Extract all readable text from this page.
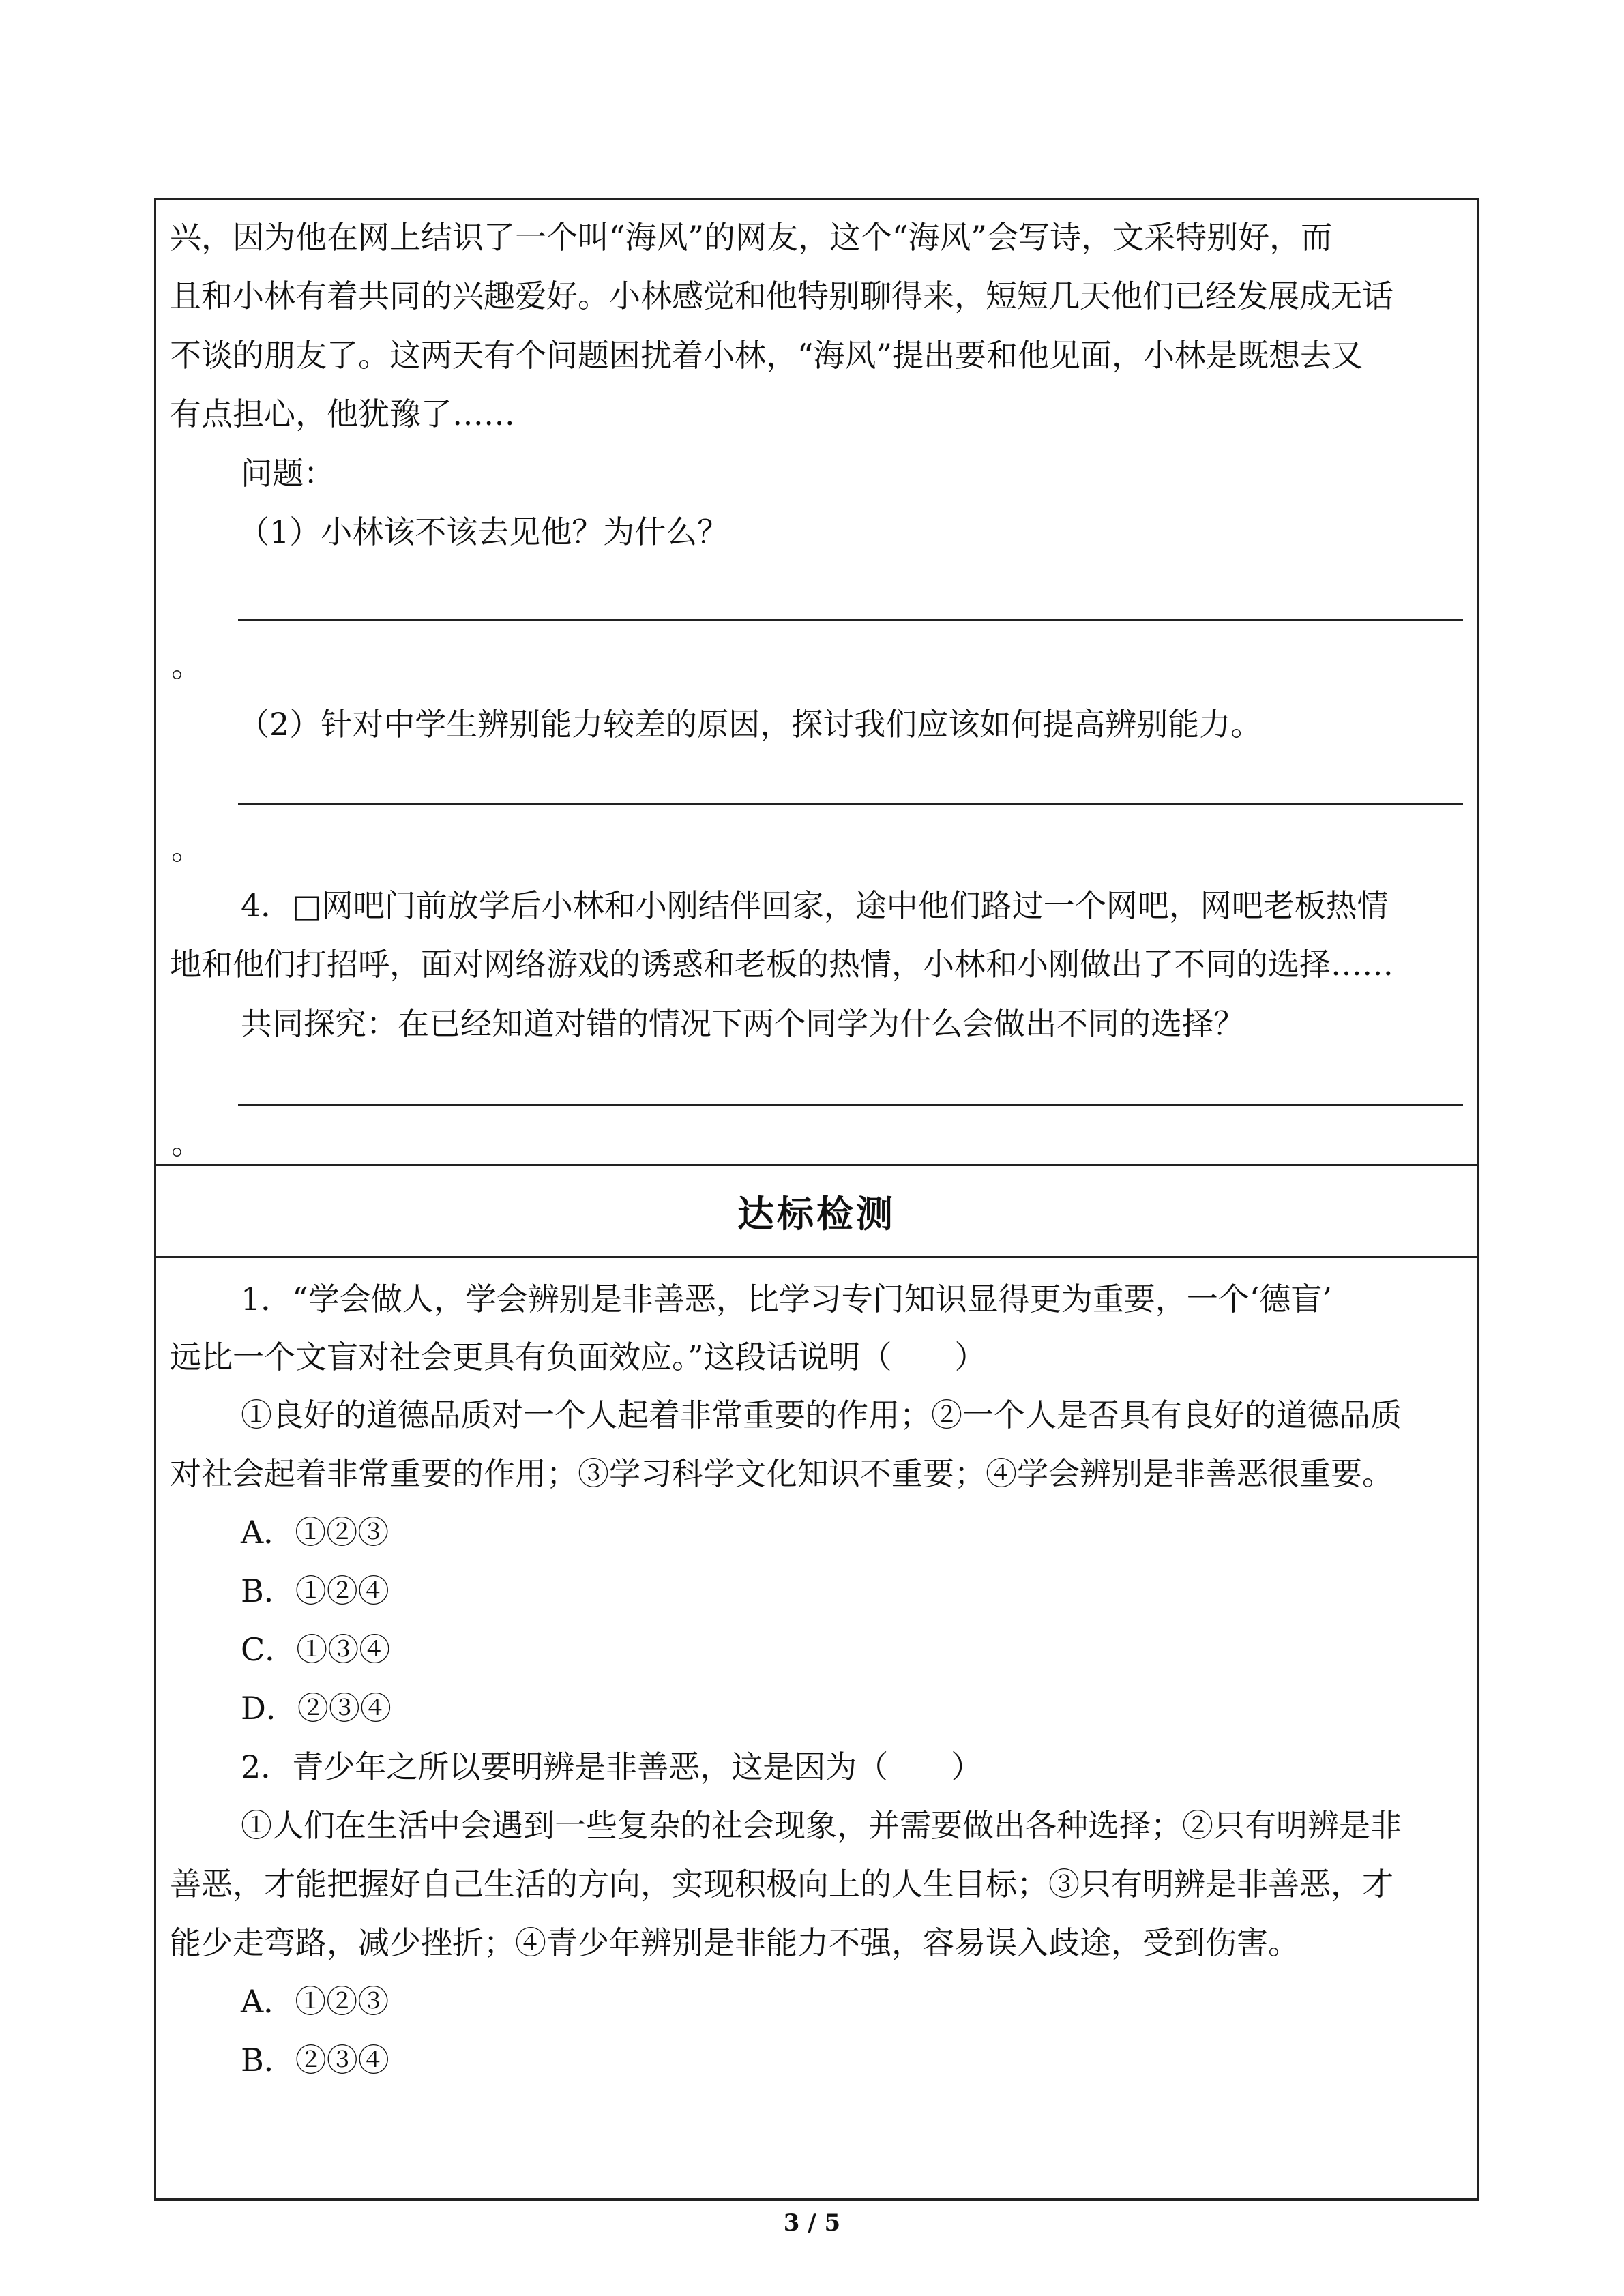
兴，因为他在网上结识了一个叫“海风”的网友，这个“海风”会写诗，文采特别好，而
且和小林有着共同的兴趣爱好。小林感觉和他特别聊得来，短短几天他们已经发展成无话
不谈的朋友了。这两天有个问题困扰着小林，“海风”提出要和他见面，小林是既想去又
有点担心，他犹豫了……
问题：
（1）小林该不该去见他？为什么？
。
（2）针对中学生辨别能力较差的原因，探讨我们应该如何提高辨别能力。
。
4．□网吧门前放学后小林和小刚结伴回家，途中他们路过一个网吧，网吧老板热情
地和他们打招呼，面对网络游戏的诱惑和老板的热情，小林和小刚做出了不同的选择……
共同探究：在已经知道对错的情况下两个同学为什么会做出不同的选择？
。
达标检测
1．“学会做人，学会辨别是非善恶，比学习专门知识显得更为重要，一个‘德盲’
远比一个文盲对社会更具有负面效应。”这段话说明（　　）
①良好的道德品质对一个人起着非常重要的作用；②一个人是否具有良好的道德品质
对社会起着非常重要的作用；③学习科学文化知识不重要；④学会辨别是非善恶很重要。
A．①②③
B．①②④
C．①③④
D．②③④
2．青少年之所以要明辨是非善恶，这是因为（　　）
①人们在生活中会遇到一些复杂的社会现象，并需要做出各种选择；②只有明辨是非
善恶，才能把握好自己生活的方向，实现积极向上的人生目标；③只有明辨是非善恶，才
能少走弯路，减少挫折；④青少年辨别是非能力不强，容易误入歧途，受到伤害。
A．①②③
B．②③④
3 / 5
